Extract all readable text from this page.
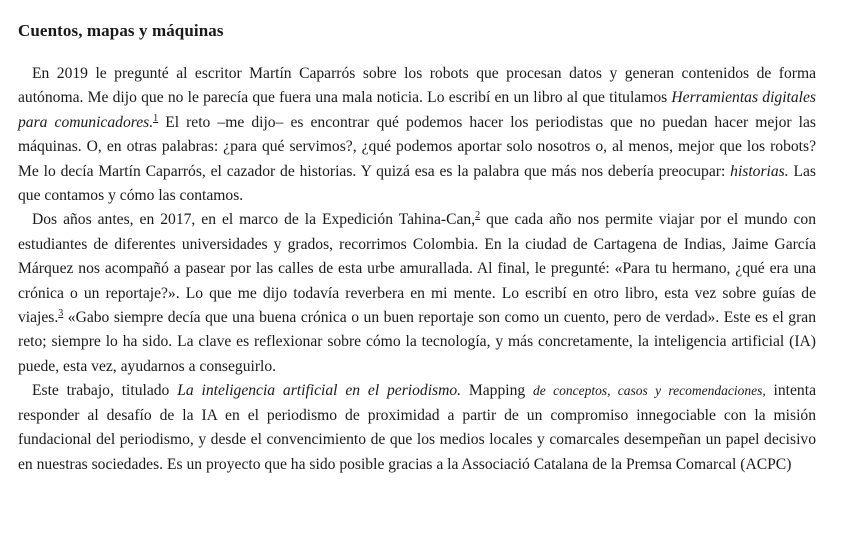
Cuentos, mapas y máquinas

En 2019 le pregunté al escritor Martín Caparrós sobre los robots que procesan datos y generan contenidos de forma autónoma. Me dijo que no le parecía que fuera una mala noticia. Lo escribí en un libro al que titulamos Herramientas digitales para comunicadores.$^1$ El reto –me dijo– es encontrar qué podemos hacer los periodistas que no puedan hacer mejor las máquinas. O, en otras palabras: ¿para qué servimos?, ¿qué podemos aportar solo nosotros o, al menos, mejor que los robots? Me lo decía Martín Caparrós, el cazador de historias. Y quizá esa es la palabra que más nos debería preocupar: historias. Las que contamos y cómo las contamos.

Dos años antes, en 2017, en el marco de la Expedición Tahina-Can,$^2$ que cada año nos permite viajar por el mundo con estudiantes de diferentes universidades y grados, recorrimos Colombia. En la ciudad de Cartagena de Indias, Jaime García Márquez nos acompañó a pasear por las calles de esta urbe amurallada. Al final, le pregunté: «Para tu hermano, ¿qué era una crónica o un reportaje?». Lo que me dijo todavía reverbera en mi mente. Lo escribí en otro libro, esta vez sobre guías de viajes.$^3$ «Gabo siempre decía que una buena crónica o un buen reportaje son como un cuento, pero de verdad». Este es el gran reto; siempre lo ha sido. La clave es reflexionar sobre cómo la tecnología, y más concretamente, la inteligencia artificial (IA) puede, esta vez, ayudarnos a conseguirlo.

Este trabajo, titulado La inteligencia artificial en el periodismo. Mapping de conceptos, casos y recomendaciones, intenta responder al desafío de la IA en el periodismo de proximidad a partir de un compromiso innegociable con la misión fundacional del periodismo, y desde el convencimiento de que los medios locales y comarcales desempeñan un papel decisivo en nuestras sociedades. Es un proyecto que ha sido posible gracias a la Associació Catalana de la Premsa Comarcal (ACPC)
